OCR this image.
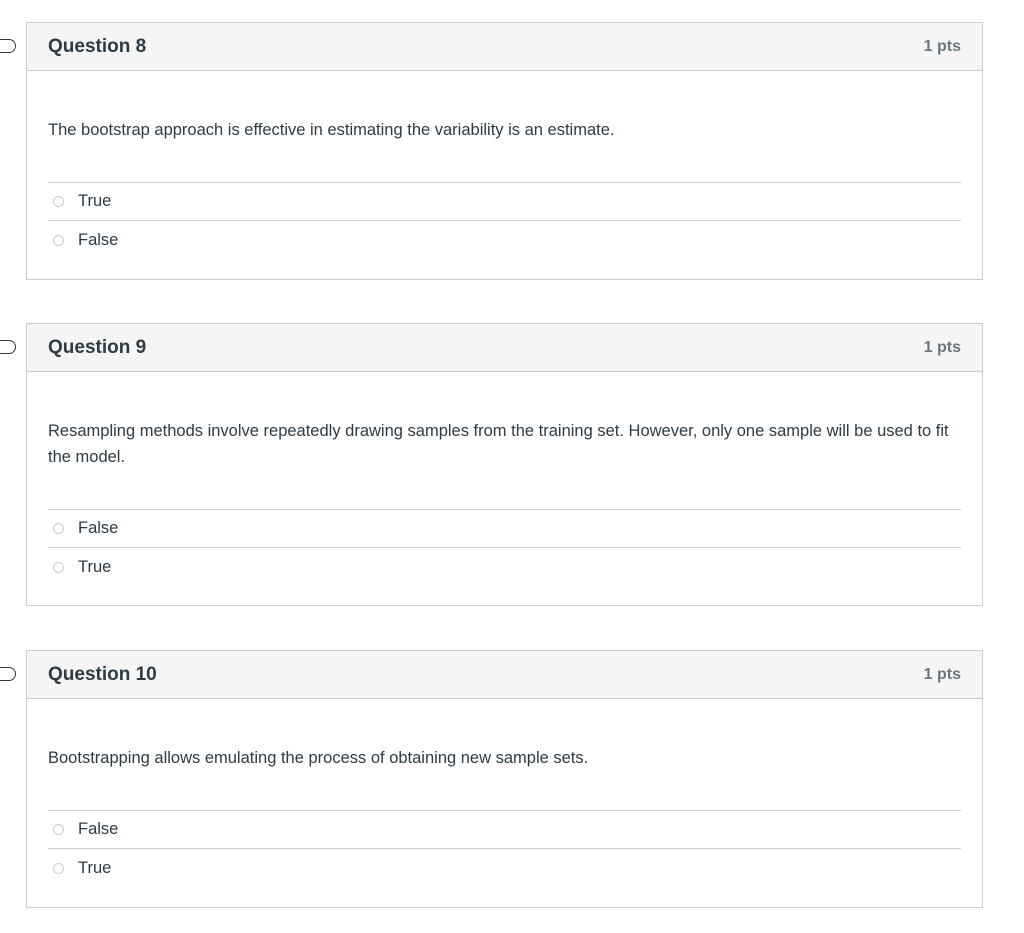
Question 8	1 pts

The bootstrap approach is effective in estimating the variability is an estimate.

True
False
Question 9	1 pts

Resampling methods involve repeatedly drawing samples from the training set. However, only one sample will be used to fit the model.

False
True
Question 10	1 pts

Bootstrapping allows emulating the process of obtaining new sample sets.

False
True
